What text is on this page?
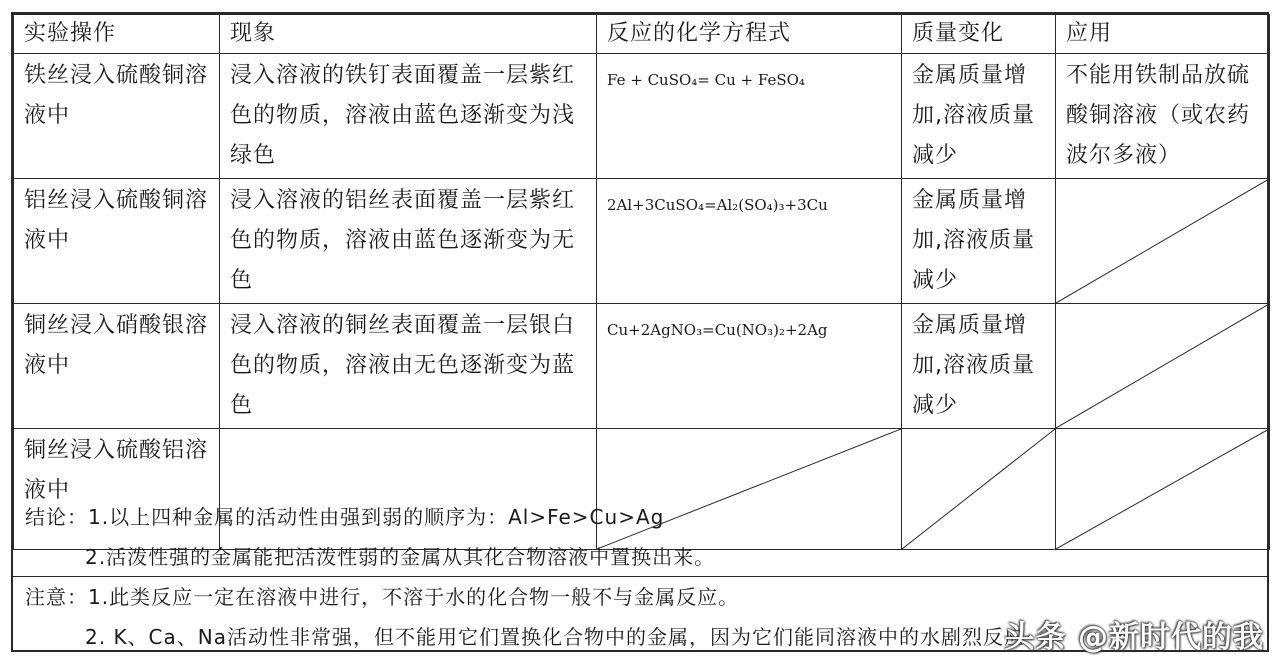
实验操作	现象	反应的化学方程式	质量变化	应用
铁丝浸入硫酸铜溶液中	浸入溶液的铁钉表面覆盖一层紫红色的物质，溶液由蓝色逐渐变为浅绿色	Fe + CuSO₄= Cu + FeSO₄	金属质量增加,溶液质量减少	不能用铁制品放硫酸铜溶液（或农药波尔多液）
铝丝浸入硫酸铜溶液中	浸入溶液的铝丝表面覆盖一层紫红色的物质，溶液由蓝色逐渐变为无色	2Al+3CuSO₄=Al₂(SO₄)₃+3Cu	金属质量增加,溶液质量减少	

铜丝浸入硝酸银溶液中	浸入溶液的铜丝表面覆盖一层银白色的物质，溶液由无色逐渐变为蓝色	Cu+2AgNO₃=Cu(NO₃)₂+2Ag	金属质量增加,溶液质量减少	

铜丝浸入硫酸铝溶液中		

结论：1.以上四种金属的活动性由强到弱的顺序为：Al>Fe>Cu>Ag
2.活泼性强的金属能把活泼性弱的金属从其化合物溶液中置换出来。
注意：1.此类反应一定在溶液中进行，不溶于水的化合物一般不与金属反应。
2. K、Ca、Na活动性非常强，但不能用它们置换化合物中的金属，因为它们能同溶液中的水剧烈反应
头条 @新时代的我
